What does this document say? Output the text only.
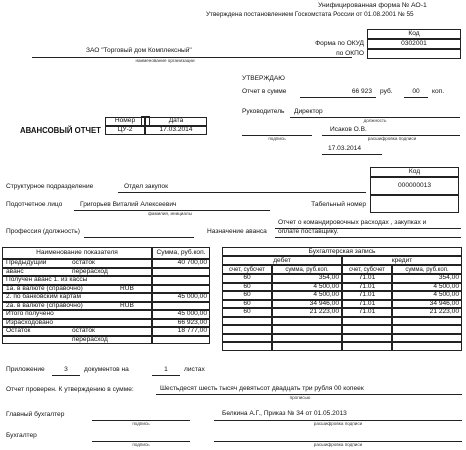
Унифицированная форма № АО-1
Утверждена постановлением Госкомстата России от 01.08.2001 № 55
Код
0302001
Форма по ОКУД
по ОКПО
ЗАО "Торговый дом Комплексный"
наименование организации
УТВЕРЖДАЮ
Отчет в сумме	66 923 руб.	00	коп.
Руководитель Директор
должность
Исаков О.В.
подпись	расшифровка подписи
17.03.2014
АВАНСОВЫЙ ОТЧЕТ
Номер	Дата
ЦУ-2	17.03.2014
Код
000000013
Структурное подразделение	Отдел закупок
Подотчетное лицо	Григорьев Виталий Алексеевич
фамилия, инициалы
Табельный номер
Профессия (должность)	Назначение аванса
Отчет о командировочных расходах , закупках и
оплате поставщику.
Наименование показателя	Сумма, руб.коп.
Предыдущий	остаток	40 700,00
аванс	перерасход
Получен аванс 1. из кассы
1а. в валюте (справочно)	RUB
2. по банковским картам	45 000,00
2а. в валюте (справочно)	RUB
Итого получено	45 000,00
Израсходовано	66 923,00
Остаток	остаток	18 777,00
перерасход
Бухгалтерская запись
дебет	кредит
счет, субсчет	сумма, руб.коп.	счет, субсчет	сумма, руб.коп.
60	354,00	71.01	354,00
60	4 500,00	71.01	4 500,00
60	4 500,00	71.01	4 500,00
60	34 946,00	71.01	34 946,00
60	21 223,00	71.01	21 223,00
Приложение	3	документов на	1	листах
Отчет проверен. К утверждению в сумме:	Шестьдесят шесть тысяч девятьсот двадцать три рубля 00 копеек
прописью
Главный бухгалтер
подпись
Белкина А.Г., Приказ № 34 от 01.05.2013
расшифровка подписи
Бухгалтер
подпись	расшифровка подписи
